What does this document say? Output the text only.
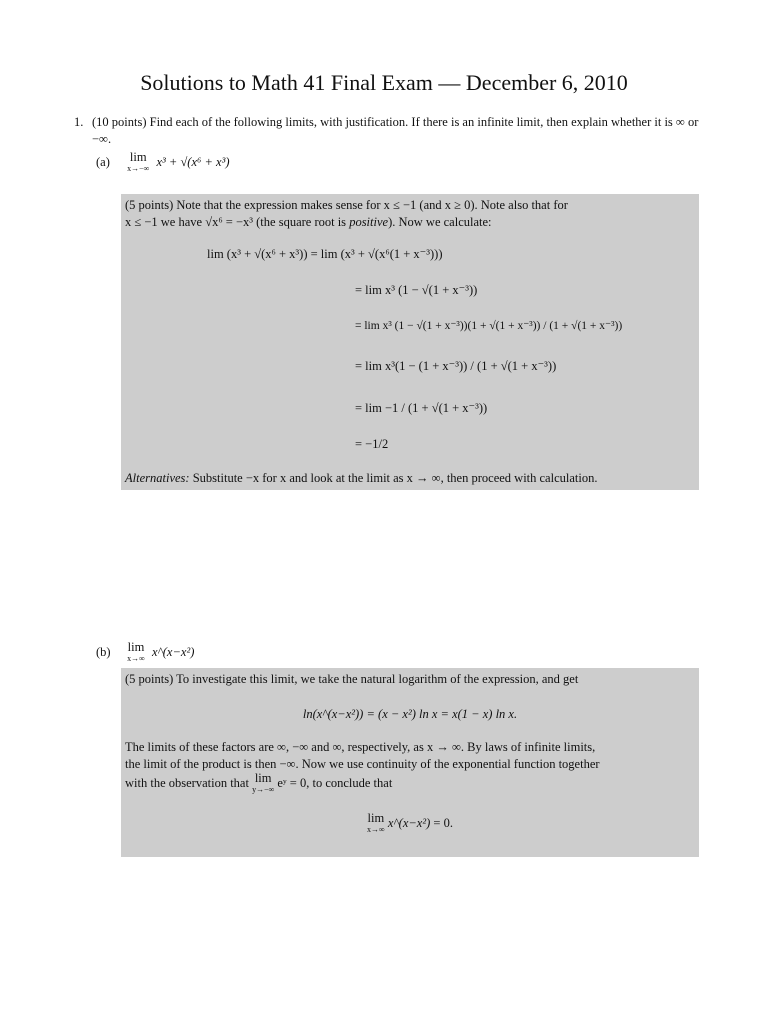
Solutions to Math 41 Final Exam — December 6, 2010
1. (10 points) Find each of the following limits, with justification. If there is an infinite limit, then explain whether it is ∞ or −∞.
(a) lim
x→−∞ x³ + √(x⁶ + x³)
(5 points) Note that the expression makes sense for x ≤ −1 (and x ≥ 0). Note also that for
x ≤ −1 we have √x⁶ = −x³ (the square root is positive). Now we calculate:
lim (x³ + √(x⁶ + x³)) = lim (x³ + √(x⁶(1 + x⁻³)))
= lim x³ (1 − √(1 + x⁻³))
= lim x³ (1 − √(1 + x⁻³))(1 + √(1 + x⁻³)) / (1 + √(1 + x⁻³))
= lim x³(1 − (1 + x⁻³)) / (1 + √(1 + x⁻³))
= lim −1 / (1 + √(1 + x⁻³))
= −1/2
Alternatives: Substitute −x for x and look at the limit as x → ∞, then proceed with calculation.
(b) lim
x→∞ x^(x−x²)
(5 points) To investigate this limit, we take the natural logarithm of the expression, and get
ln(x^(x−x²)) = (x − x²) ln x = x(1 − x) ln x.
The limits of these factors are ∞, −∞ and ∞, respectively, as x → ∞. By laws of infinite limits,
the limit of the product is then −∞. Now we use continuity of the exponential function together
with the observation that lim
y→−∞ eʸ = 0, to conclude that
lim
x→∞ x^(x−x²) = 0.
